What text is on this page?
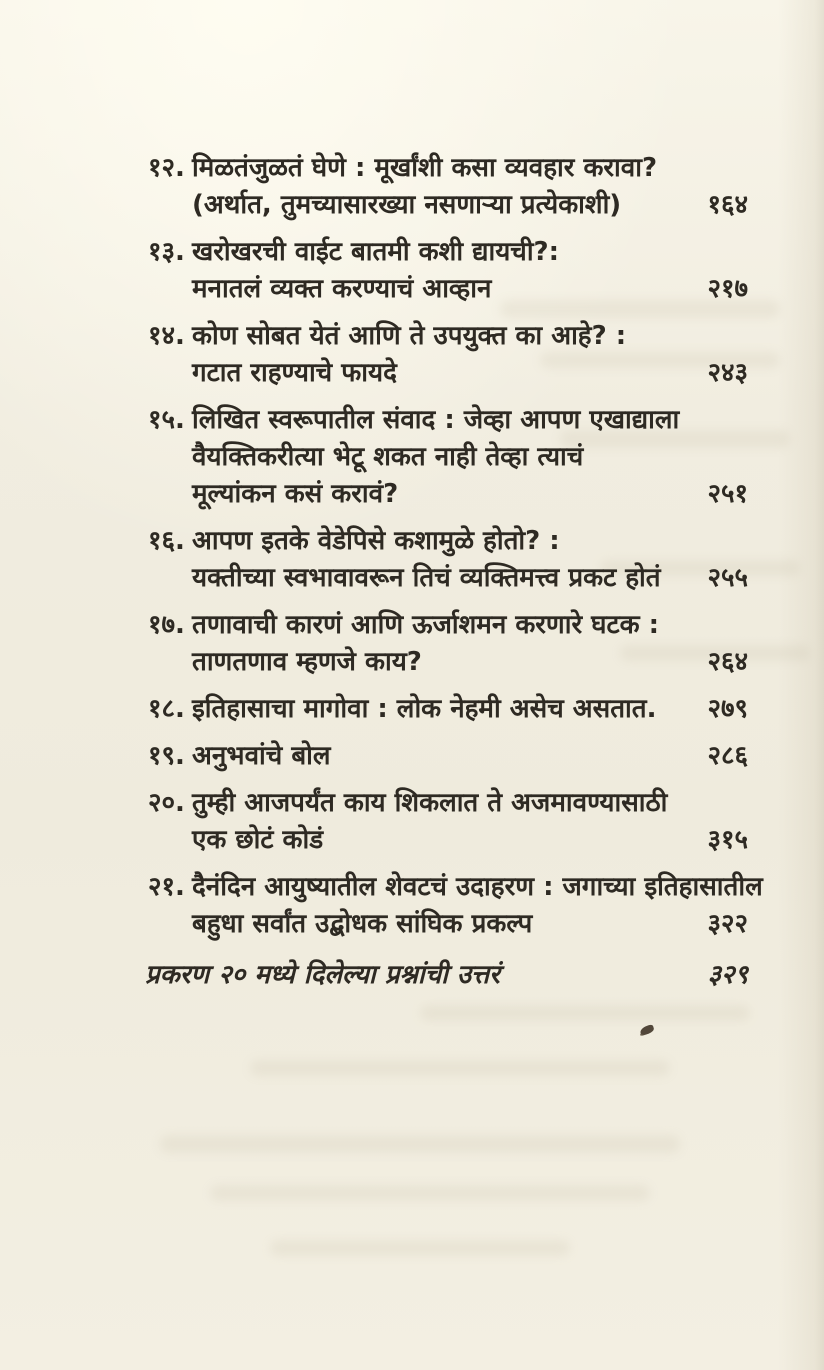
१२. मिळतंजुळतं घेणे : मूर्खांशी कसा व्यवहार करावा?
(अर्थात, तुमच्यासारख्या नसणाऱ्या प्रत्येकाशी)	१६४
१३. खरोखरची वाईट बातमी कशी द्यायची?:
मनातलं व्यक्त करण्याचं आव्हान	२१७
१४. कोण सोबत येतं आणि ते उपयुक्त का आहे? :
गटात राहण्याचे फायदे	२४३
१५. लिखित स्वरूपातील संवाद : जेव्हा आपण एखाद्याला
वैयक्तिकरीत्या भेटू शकत नाही तेव्हा त्याचं
मूल्यांकन कसं करावं?	२५१
१६. आपण इतके वेडेपिसे कशामुळे होतो? :
यक्तीच्या स्वभावावरून तिचं व्यक्तिमत्त्व प्रकट होतं	२५५
१७. तणावाची कारणं आणि ऊर्जाशमन करणारे घटक :
ताणतणाव म्हणजे काय?	२६४
१८. इतिहासाचा मागोवा : लोक नेहमी असेच असतात.	२७९
१९. अनुभवांचे बोल	२८६
२०. तुम्ही आजपर्यंत काय शिकलात ते अजमावण्यासाठी
एक छोटं कोडं	३१५
२१. दैनंदिन आयुष्यातील शेवटचं उदाहरण : जगाच्या इतिहासातील
बहुधा सर्वांत उद्बोधक सांघिक प्रकल्प	३२२
प्रकरण २० मध्ये दिलेल्या प्रश्नांची उत्तरं	३२९
